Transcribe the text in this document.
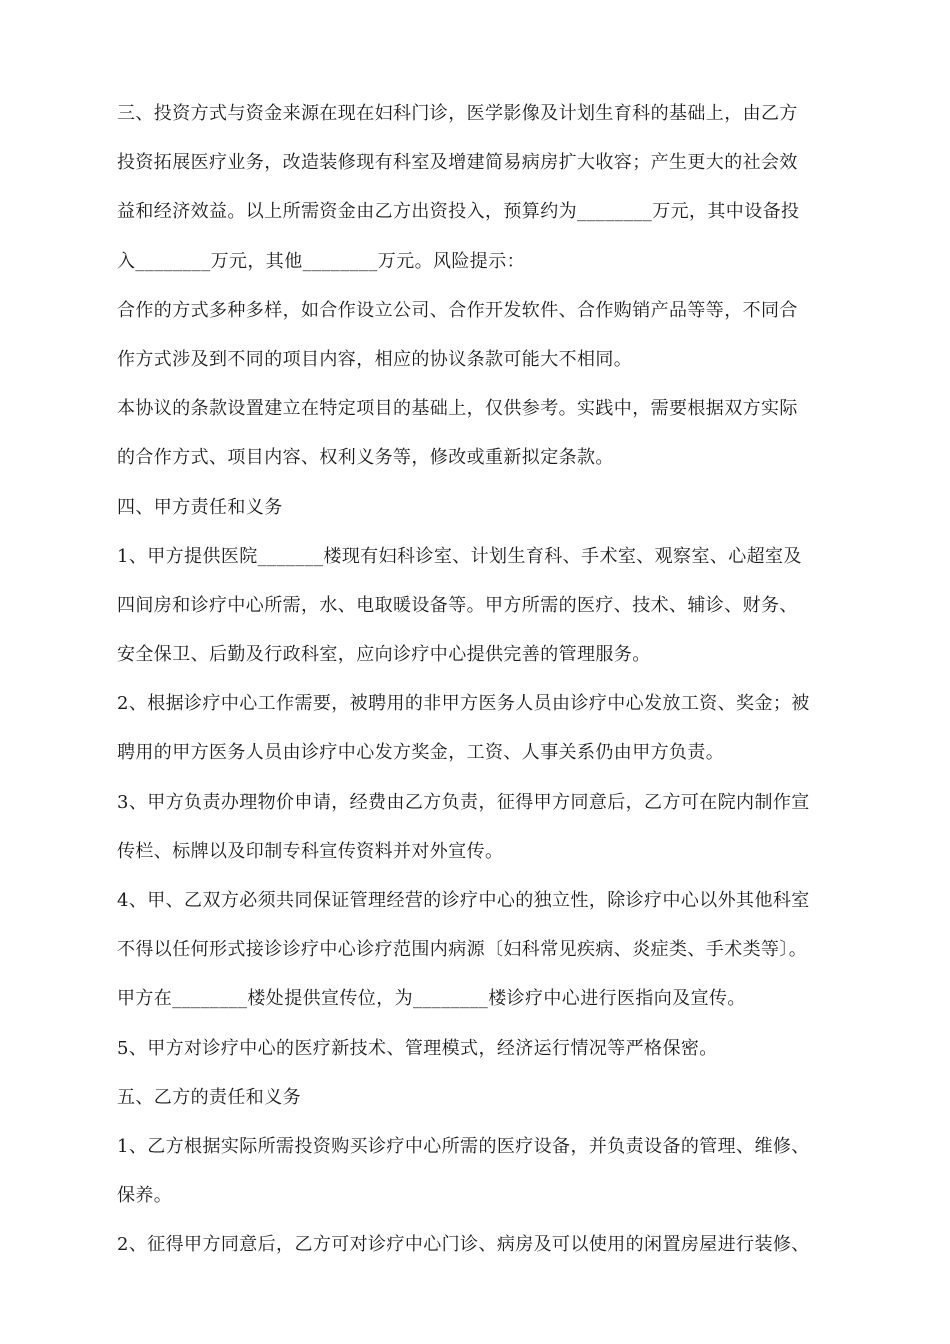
三、投资方式与资金来源在现在妇科门诊，医学影像及计划生育科的基础上，由乙方
投资拓展医疗业务，改造装修现有科室及增建简易病房扩大收容；产生更大的社会效
益和经济效益。以上所需资金由乙方出资投入，预算约为________万元，其中设备投
入________万元，其他________万元。风险提示：
合作的方式多种多样，如合作设立公司、合作开发软件、合作购销产品等等，不同合
作方式涉及到不同的项目内容，相应的协议条款可能大不相同。
本协议的条款设置建立在特定项目的基础上，仅供参考。实践中，需要根据双方实际
的合作方式、项目内容、权利义务等，修改或重新拟定条款。
四、甲方责任和义务
1、甲方提供医院_______楼现有妇科诊室、计划生育科、手术室、观察室、心超室及
四间房和诊疗中心所需，水、电取暖设备等。甲方所需的医疗、技术、辅诊、财务、
安全保卫、后勤及行政科室，应向诊疗中心提供完善的管理服务。
2、根据诊疗中心工作需要，被聘用的非甲方医务人员由诊疗中心发放工资、奖金；被
聘用的甲方医务人员由诊疗中心发方奖金，工资、人事关系仍由甲方负责。
3、甲方负责办理物价申请，经费由乙方负责，征得甲方同意后，乙方可在院内制作宣
传栏、标牌以及印制专科宣传资料并对外宣传。
4、甲、乙双方必须共同保证管理经营的诊疗中心的独立性，除诊疗中心以外其他科室
不得以任何形式接诊诊疗中心诊疗范围内病源〔妇科常见疾病、炎症类、手术类等〕。
甲方在________楼处提供宣传位，为________楼诊疗中心进行医指向及宣传。
5、甲方对诊疗中心的医疗新技术、管理模式，经济运行情况等严格保密。
五、乙方的责任和义务
1、乙方根据实际所需投资购买诊疗中心所需的医疗设备，并负责设备的管理、维修、
保养。
2、征得甲方同意后，乙方可对诊疗中心门诊、病房及可以使用的闲置房屋进行装修、
